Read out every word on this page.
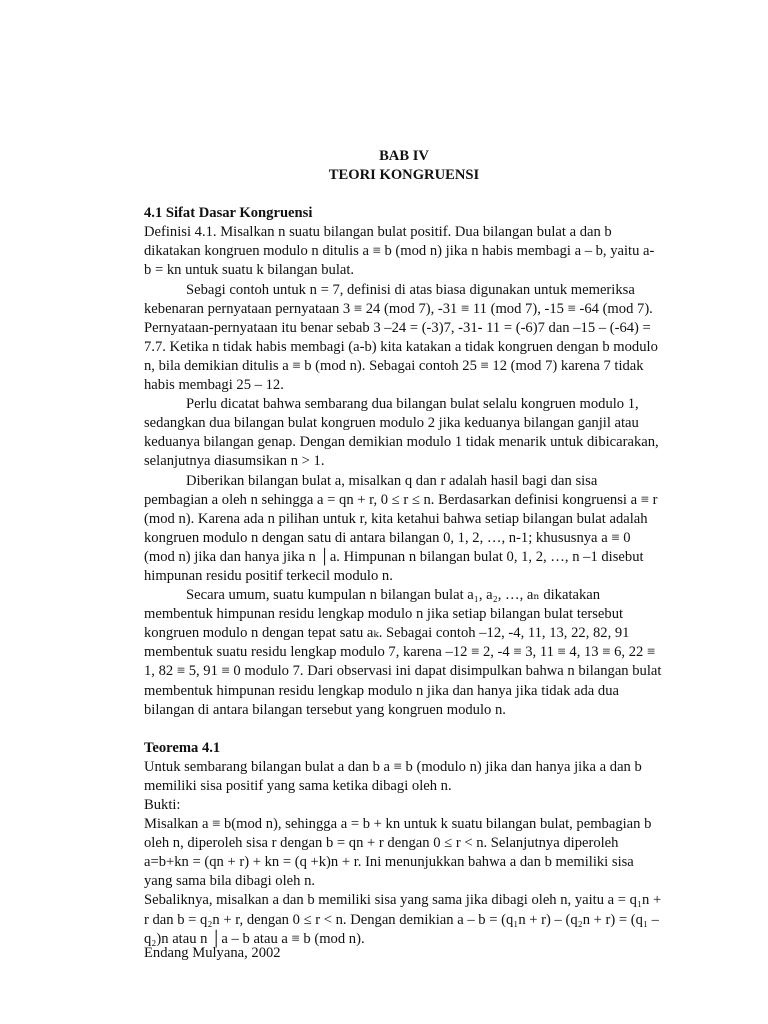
BAB IV

TEORI KONGRUENSI

4.1 Sifat Dasar Kongruensi

Definisi 4.1. Misalkan n suatu bilangan bulat positif. Dua bilangan bulat a dan b dikatakan kongruen modulo n ditulis a ≡ b (mod n) jika n habis membagi a – b, yaitu a- b = kn untuk suatu k bilangan bulat.

Sebagi contoh untuk n = 7, definisi di atas biasa digunakan untuk memeriksa kebenaran pernyataan pernyataan 3 ≡ 24 (mod 7), -31 ≡ 11 (mod 7), -15 ≡ -64 (mod 7). Pernyataan-pernyataan itu benar sebab 3 –24 = (-3)7, -31- 11 = (-6)7 dan –15 – (-64) = 7.7. Ketika n tidak habis membagi (a-b) kita katakan a tidak kongruen dengan b modulo n, bila demikian ditulis a ≡ b (mod n). Sebagai contoh 25 ≡ 12 (mod 7) karena 7 tidak habis membagi 25 – 12.

Perlu dicatat bahwa sembarang dua bilangan bulat selalu kongruen modulo 1, sedangkan dua bilangan bulat kongruen modulo 2 jika keduanya bilangan ganjil atau keduanya bilangan genap. Dengan demikian modulo 1 tidak menarik untuk dibicarakan, selanjutnya diasumsikan n > 1.

Diberikan bilangan bulat a, misalkan q dan r adalah hasil bagi dan sisa pembagian a oleh n sehingga a = qn + r, 0 ≤ r ≤ n. Berdasarkan definisi kongruensi a ≡ r (mod n). Karena ada n pilihan untuk r, kita ketahui bahwa setiap bilangan bulat adalah kongruen modulo n dengan satu di antara bilangan 0, 1, 2, …, n-1; khususnya a ≡ 0 (mod n) jika dan hanya jika n │a. Himpunan n bilangan bulat 0, 1, 2, …, n –1 disebut himpunan residu positif terkecil modulo n.

Secara umum, suatu kumpulan n bilangan bulat a₁, a₂, …, aₙ dikatakan membentuk himpunan residu lengkap modulo n jika setiap bilangan bulat tersebut kongruen modulo n dengan tepat satu aₖ. Sebagai contoh –12, -4, 11, 13, 22, 82, 91 membentuk suatu residu lengkap modulo 7, karena –12 ≡ 2, -4 ≡ 3, 11 ≡ 4, 13 ≡ 6, 22 ≡ 1, 82 ≡ 5, 91 ≡ 0 modulo 7. Dari observasi ini dapat disimpulkan bahwa n bilangan bulat membentuk himpunan residu lengkap modulo n jika dan hanya jika tidak ada dua bilangan di antara bilangan tersebut yang kongruen modulo n.

Teorema 4.1

Untuk sembarang bilangan bulat a dan b a ≡ b (modulo n) jika dan hanya jika a dan b memiliki sisa positif yang sama ketika dibagi oleh n.

Bukti:

Misalkan a ≡ b(mod n), sehingga a = b + kn untuk k suatu bilangan bulat, pembagian b oleh n, diperoleh sisa r dengan b = qn + r dengan 0 ≤ r < n. Selanjutnya diperoleh a=b+kn = (qn + r) + kn = (q +k)n + r. Ini menunjukkan bahwa a dan b memiliki sisa yang sama bila dibagi oleh n.

Sebaliknya, misalkan a dan b memiliki sisa yang sama jika dibagi oleh n, yaitu a = q₁n + r dan b = q₂n + r, dengan 0 ≤ r < n. Dengan demikian a – b = (q₁n + r) – (q₂n + r) = (q₁ – q₂)n atau n │a – b atau a ≡ b (mod n).

Endang Mulyana, 2002
